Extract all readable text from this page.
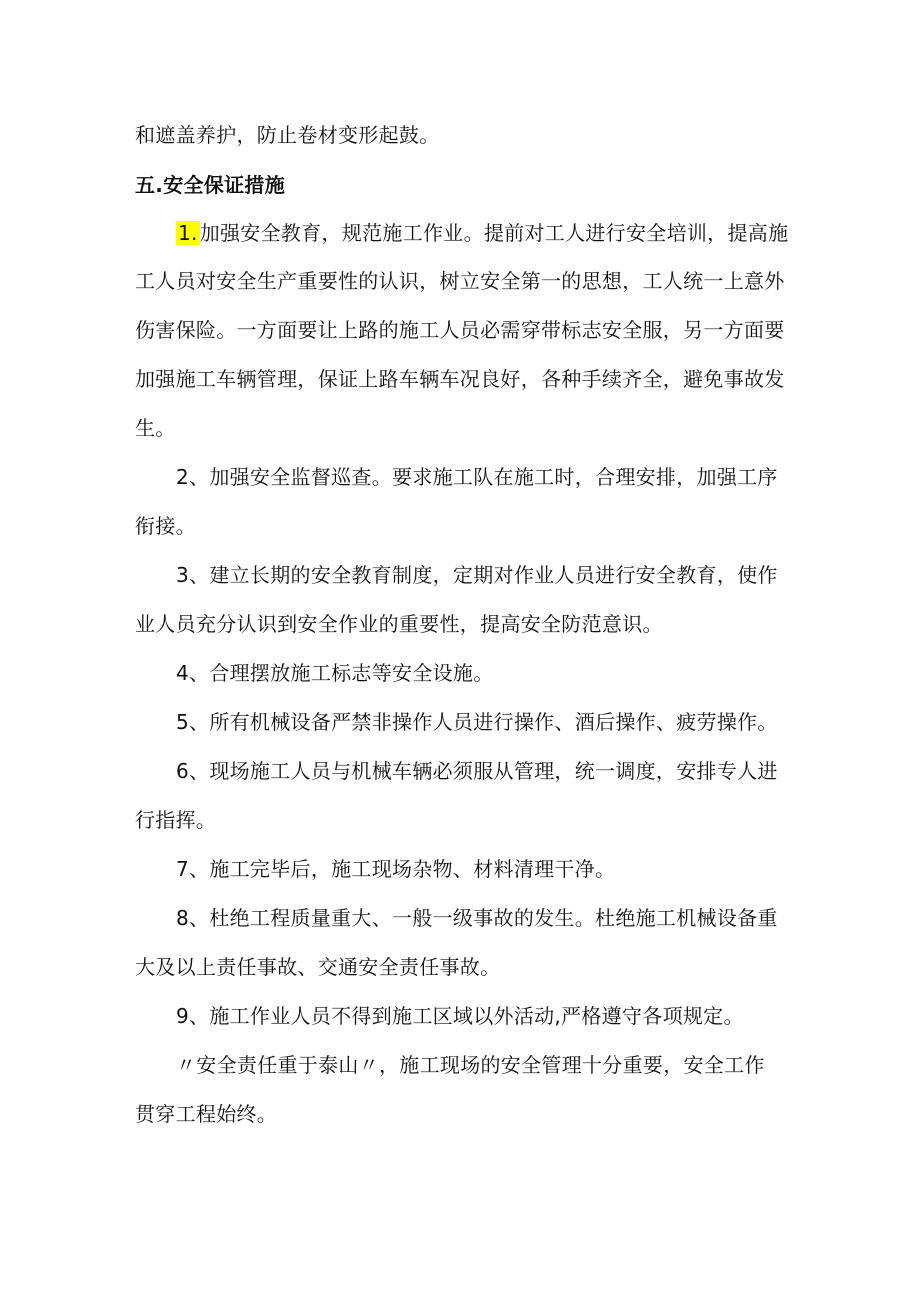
和遮盖养护，防止卷材变形起鼓。

五.安全保证措施

1. 加强安全教育，规范施工作业。提前对工人进行安全培训，提高施

工人员对安全生产重要性的认识，树立安全第一的思想，工人统一上意外

伤害保险。一方面要让上路的施工人员必需穿带标志安全服，另一方面要

加强施工车辆管理，保证上路车辆车况良好，各种手续齐全，避免事故发

生。

2、加强安全监督巡查。要求施工队在施工时，合理安排，加强工序

衔接。

3、建立长期的安全教育制度，定期对作业人员进行安全教育，使作

业人员充分认识到安全作业的重要性，提高安全防范意识。

4、合理摆放施工标志等安全设施。

5、所有机械设备严禁非操作人员进行操作、酒后操作、疲劳操作。

6、现场施工人员与机械车辆必须服从管理，统一调度，安排专人进

行指挥。

7、施工完毕后，施工现场杂物、材料清理干净。

8、杜绝工程质量重大、一般一级事故的发生。杜绝施工机械设备重

大及以上责任事故、交通安全责任事故。

9、施工作业人员不得到施工区域以外活动,严格遵守各项规定。

〃安全责任重于泰山〃，施工现场的安全管理十分重要，安全工作

贯穿工程始终。
